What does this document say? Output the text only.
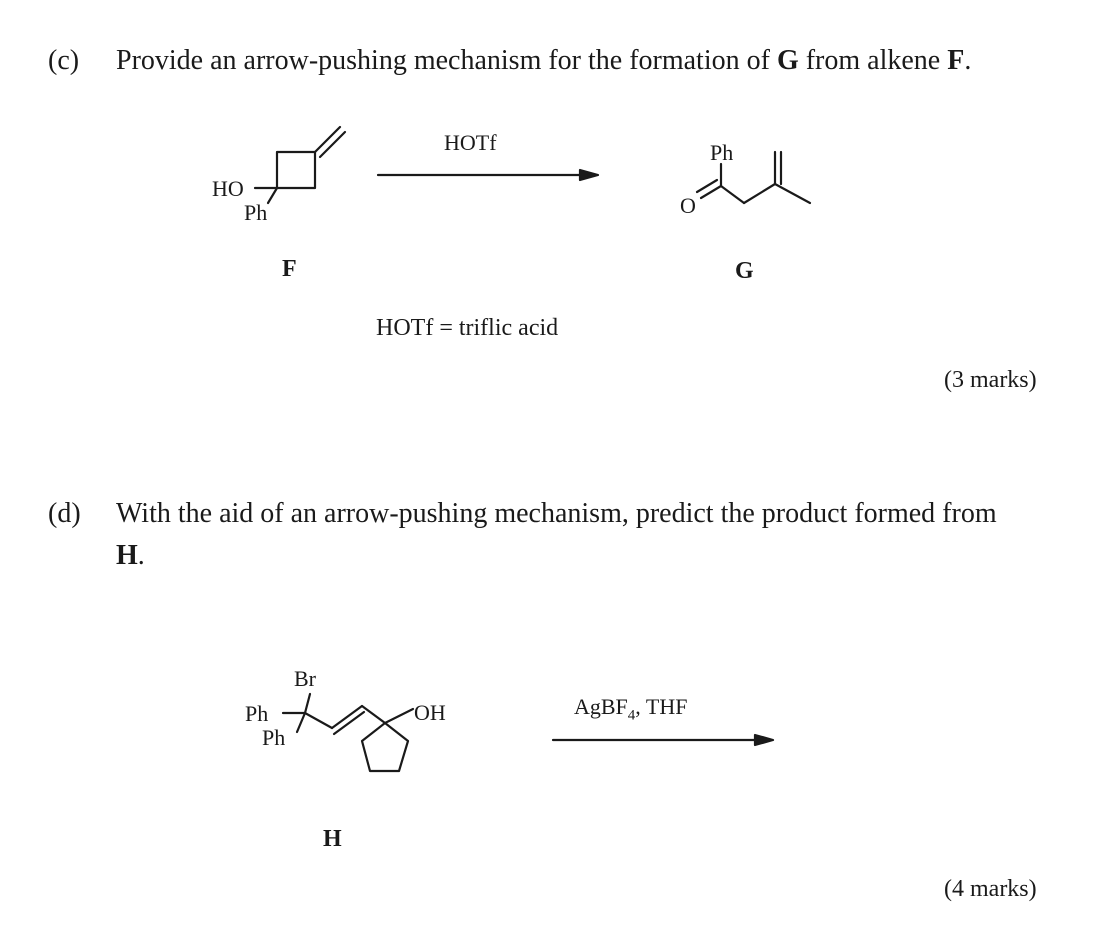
(c) Provide an arrow-pushing mechanism for the formation of G from alkene F.
HO
Ph
F
HOTf	Ph
O
G
HOTf = triflic acid
(3 marks)
(d) With the aid of an arrow-pushing mechanism, predict the product formed from
H.
Br
Ph
Ph
OH
H
AgBF$_4$, THF
(4 marks)
